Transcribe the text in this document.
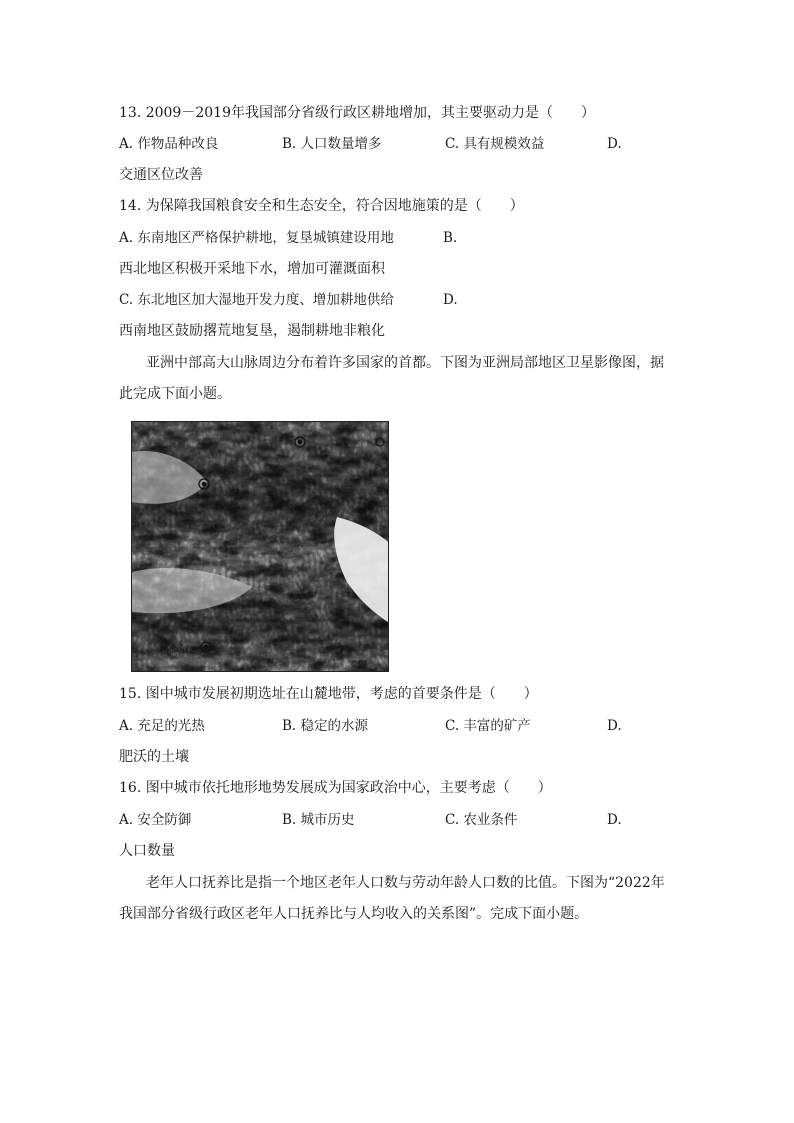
13. 2009－2019年我国部分省级行政区耕地增加，其主要驱动力是（　　）
A. 作物品种改良	B. 人口数量增多	C. 具有规模效益	D.
交通区位改善
14. 为保障我国粮食安全和生态安全，符合因地施策的是（　　）
A. 东南地区严格保护耕地，复垦城镇建设用地	B.
西北地区积极开采地下水，增加可灌溉面积
C. 东北地区加大湿地开发力度、增加耕地供给	D.
西南地区鼓励撂荒地复垦，遏制耕地非粮化
亚洲中部高大山脉周边分布着许多国家的首都。下图为亚洲局部地区卫星影像图，据
此完成下面小题。
喀布尔
©图
15. 图中城市发展初期选址在山麓地带，考虑的首要条件是（　　）
A. 充足的光热	B. 稳定的水源	C. 丰富的矿产	D.
肥沃的土壤
16. 图中城市依托地形地势发展成为国家政治中心，主要考虑（　　）
A. 安全防御	B. 城市历史	C. 农业条件	D.
人口数量
老年人口抚养比是指一个地区老年人口数与劳动年龄人口数的比值。下图为“2022年
我国部分省级行政区老年人口抚养比与人均收入的关系图”。完成下面小题。
